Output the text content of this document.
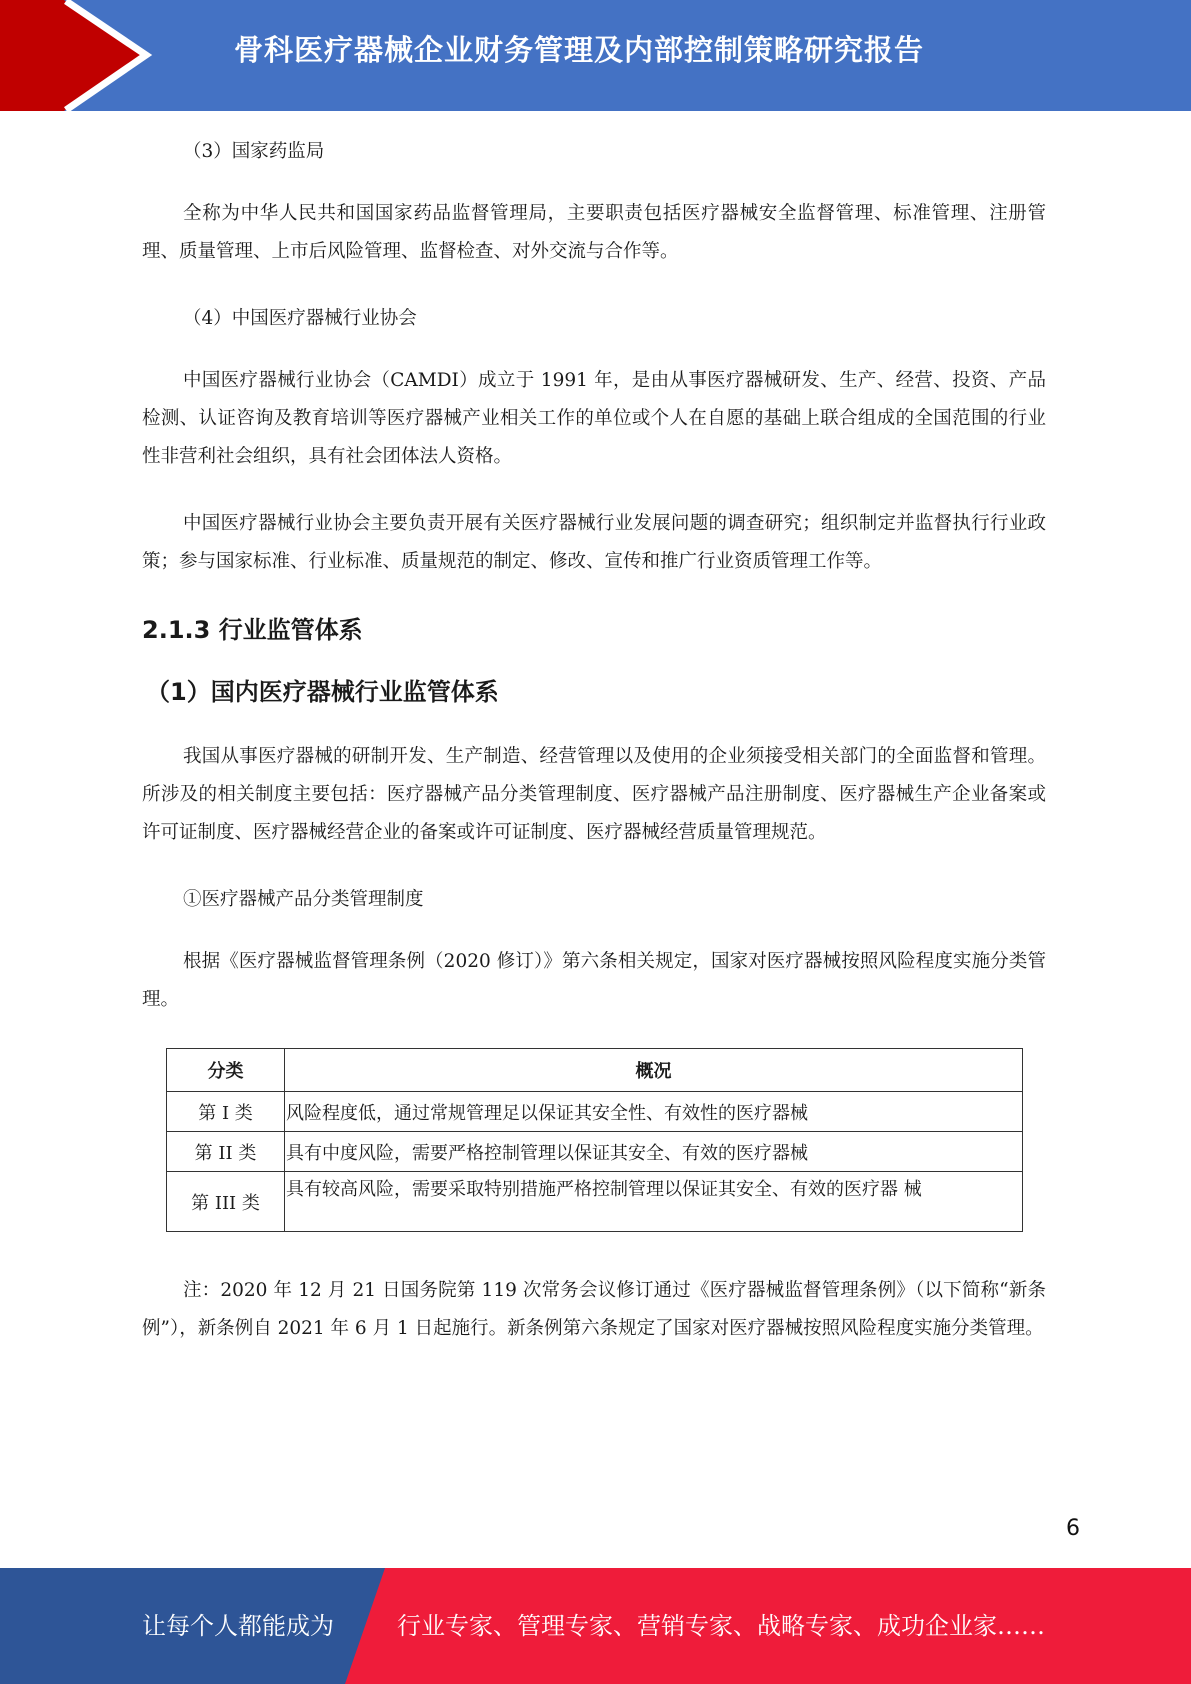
骨科医疗器械企业财务管理及内部控制策略研究报告

（3）国家药监局

全称为中华人民共和国国家药品监督管理局，主要职责包括医疗器械安全监督管理、标准管理、注册管理、质量管理、上市后风险管理、监督检查、对外交流与合作等。

（4）中国医疗器械行业协会

中国医疗器械行业协会（CAMDI）成立于 1991 年，是由从事医疗器械研发、生产、经营、投资、产品检测、认证咨询及教育培训等医疗器械产业相关工作的单位或个人在自愿的基础上联合组成的全国范围的行业性非营利社会组织，具有社会团体法人资格。

中国医疗器械行业协会主要负责开展有关医疗器械行业发展问题的调查研究；组织制定并监督执行行业政策；参与国家标准、行业标准、质量规范的制定、修改、宣传和推广行业资质管理工作等。

2.1.3 行业监管体系
（1）国内医疗器械行业监管体系

我国从事医疗器械的研制开发、生产制造、经营管理以及使用的企业须接受相关部门的全面监督和管理。所涉及的相关制度主要包括：医疗器械产品分类管理制度、医疗器械产品注册制度、医疗器械生产企业备案或许可证制度、医疗器械经营企业的备案或许可证制度、医疗器械经营质量管理规范。

①医疗器械产品分类管理制度

根据《医疗器械监督管理条例（2020 修订）》第六条相关规定，国家对医疗器械按照风险程度实施分类管理。

分类	概况
第 I 类	风险程度低，通过常规管理足以保证其安全性、有效性的医疗器械
第 II 类	具有中度风险，需要严格控制管理以保证其安全、有效的医疗器械
第 III 类	具有较高风险，需要采取特别措施严格控制管理以保证其安全、有效的医疗器 械

注：2020 年 12 月 21 日国务院第 119 次常务会议修订通过《医疗器械监督管理条例》（以下简称“新条例”），新条例自 2021 年 6 月 1 日起施行。新条例第六条规定了国家对医疗器械按照风险程度实施分类管理。

6
让每个人都能成为	行业专家、管理专家、营销专家、战略专家、成功企业家……
